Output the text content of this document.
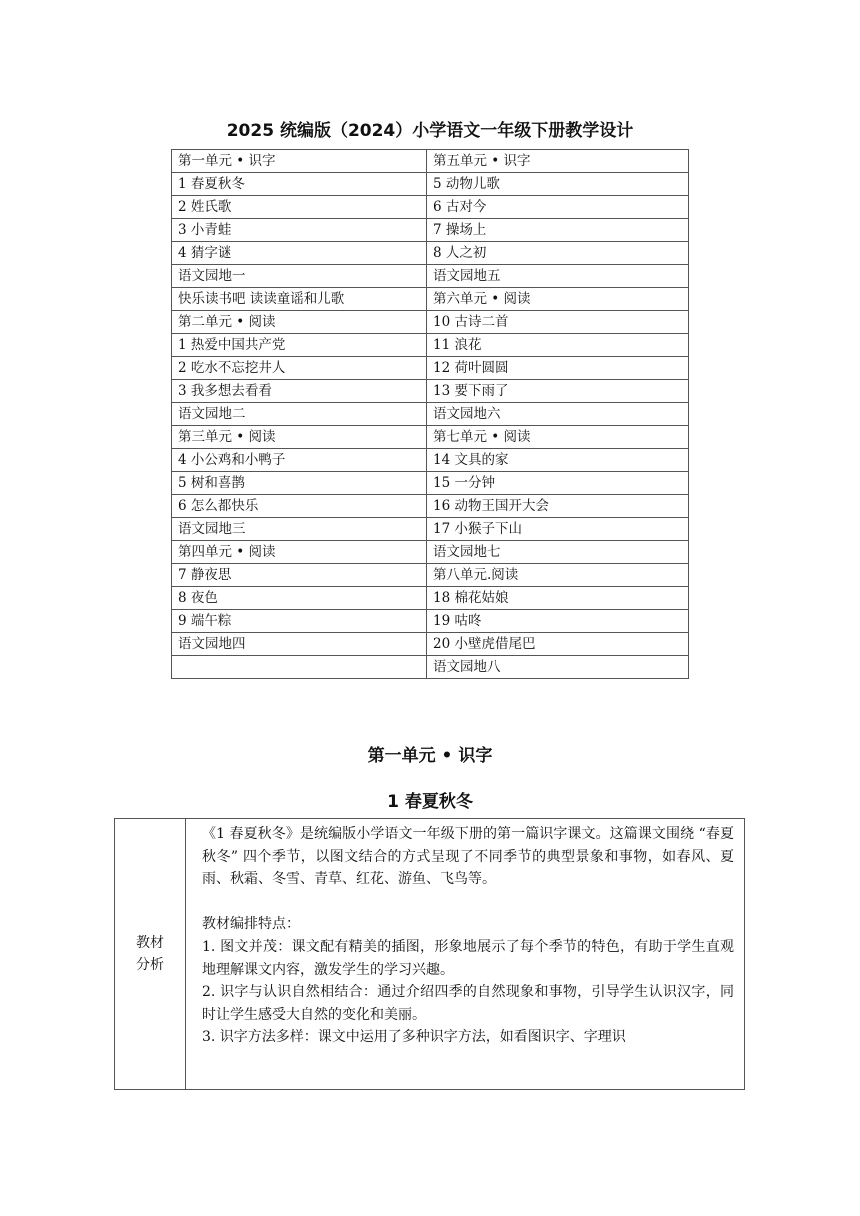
2025 统编版（2024）小学语文一年级下册教学设计
第一单元 • 识字	第五单元 • 识字
1 春夏秋冬	5 动物儿歌
2 姓氏歌	6 古对今
3 小青蛙	7 操场上
4 猜字谜	8 人之初
语文园地一	语文园地五
快乐读书吧 读读童谣和儿歌	第六单元 • 阅读
第二单元 • 阅读	10 古诗二首
1 热爱中国共产党	11 浪花
2 吃水不忘挖井人	12 荷叶圆圆
3 我多想去看看	13 要下雨了
语文园地二	语文园地六
第三单元 • 阅读	第七单元 • 阅读
4 小公鸡和小鸭子	14 文具的家
5 树和喜鹊	15 一分钟
6 怎么都快乐	16 动物王国开大会
语文园地三	17 小猴子下山
第四单元 • 阅读	语文园地七
7 静夜思	第八单元.阅读
8 夜色	18 棉花姑娘
9 端午粽	19 咕咚
语文园地四	20 小壁虎借尾巴
	语文园地八
第一单元 • 识字
1 春夏秋冬
教材
分析

《1 春夏秋冬》是统编版小学语文一年级下册的第一篇识字课文。这篇课文围绕 “春夏秋冬” 四个季节，以图文结合的方式呈现了不同季节的典型景象和事物，如春风、夏雨、秋霜、冬雪、青草、红花、游鱼、飞鸟等。

教材编排特点：

1. 图文并茂：课文配有精美的插图，形象地展示了每个季节的特色，有助于学生直观地理解课文内容，激发学生的学习兴趣。

2. 识字与认识自然相结合：通过介绍四季的自然现象和事物，引导学生认识汉字，同时让学生感受大自然的变化和美丽。

3. 识字方法多样：课文中运用了多种识字方法，如看图识字、字理识
